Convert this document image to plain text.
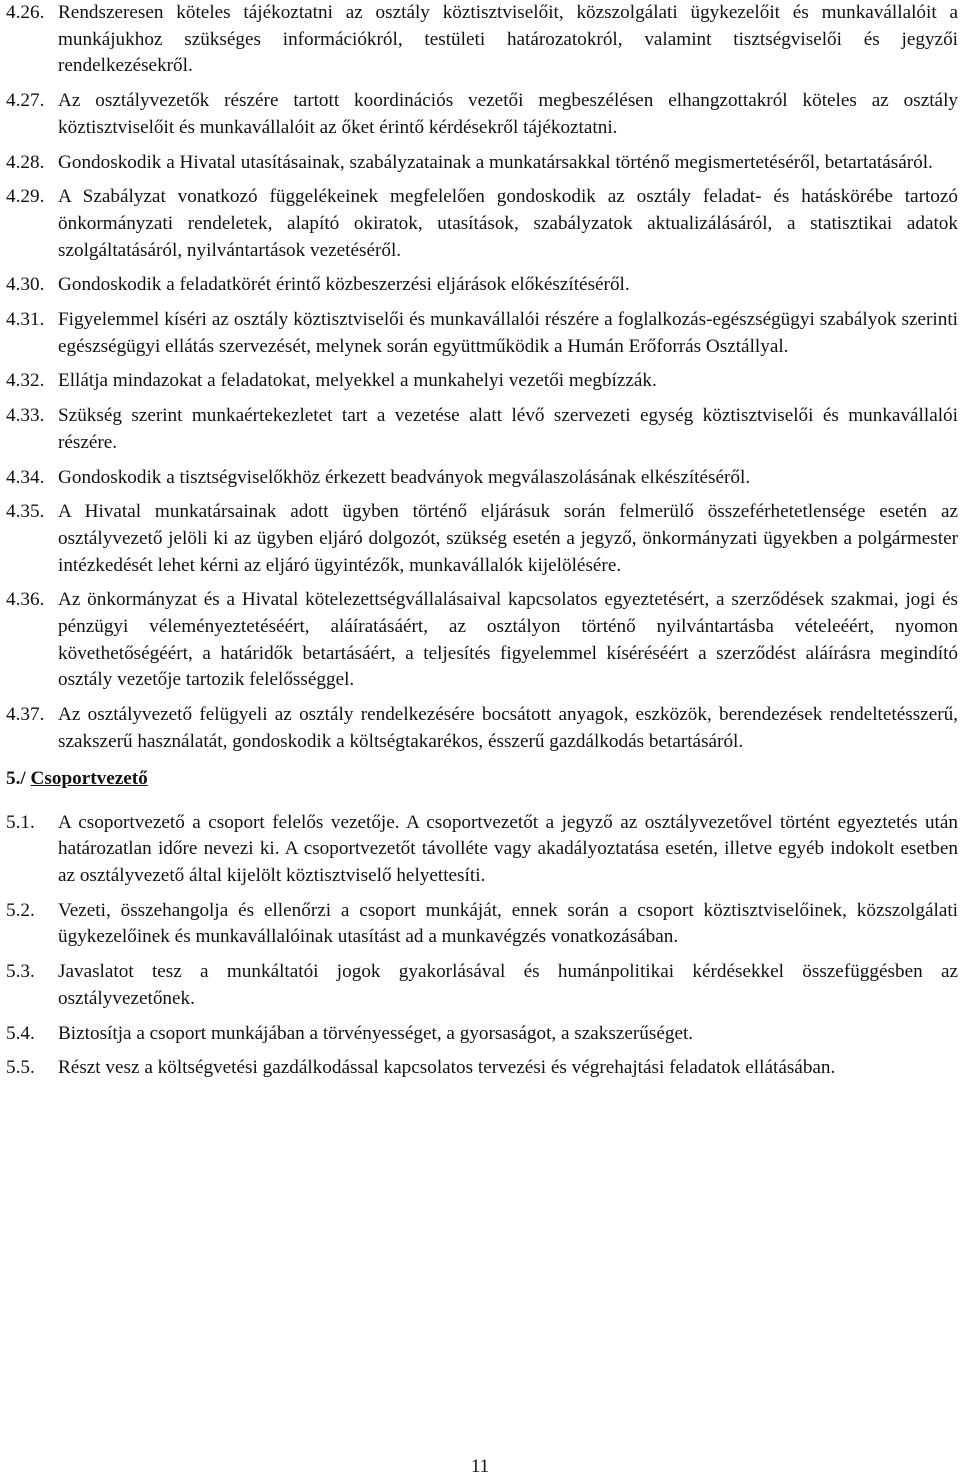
4.26. Rendszeresen köteles tájékoztatni az osztály köztisztviselőit, közszolgálati ügykezelőit és munkavállalóit a munkájukhoz szükséges információkról, testületi határozatokról, valamint tisztségviselői és jegyzői rendelkezésekről.
4.27. Az osztályvezetők részére tartott koordinációs vezetői megbeszélésen elhangzottakról köteles az osztály köztisztviselőit és munkavállalóit az őket érintő kérdésekről tájékoztatni.
4.28. Gondoskodik a Hivatal utasításainak, szabályzatainak a munkatársakkal történő megismertetéséről, betartatásáról.
4.29. A Szabályzat vonatkozó függelékeinek megfelelően gondoskodik az osztály feladat- és hatáskörébe tartozó önkormányzati rendeletek, alapító okiratok, utasítások, szabályzatok aktualizálásáról, a statisztikai adatok szolgáltatásáról, nyilvántartások vezetéséről.
4.30. Gondoskodik a feladatkörét érintő közbeszerzési eljárások előkészítéséről.
4.31. Figyelemmel kíséri az osztály köztisztviselői és munkavállalói részére a foglalkozás-egészségügyi szabályok szerinti egészségügyi ellátás szervezését, melynek során együttműködik a Humán Erőforrás Osztállyal.
4.32. Ellátja mindazokat a feladatokat, melyekkel a munkahelyi vezetői megbízzák.
4.33. Szükség szerint munkaértekezletet tart a vezetése alatt lévő szervezeti egység köztisztviselői és munkavállalói részére.
4.34. Gondoskodik a tisztségviselőkhöz érkezett beadványok megválaszolásának elkészítéséről.
4.35. A Hivatal munkatársainak adott ügyben történő eljárásuk során felmerülő összeférhetetlensége esetén az osztályvezető jelöli ki az ügyben eljáró dolgozót, szükség esetén a jegyző, önkormányzati ügyekben a polgármester intézkedését lehet kérni az eljáró ügyintézők, munkavállalók kijelölésére.
4.36. Az önkormányzat és a Hivatal kötelezettségvállalásaival kapcsolatos egyeztetésért, a szerződések szakmai, jogi és pénzügyi véleményeztetéséért, aláíratásáért, az osztályon történő nyilvántartásba vételeéért, nyomon követhetőségéért, a határidők betartásáért, a teljesítés figyelemmel kíséréséért a szerződést aláírásra megindító osztály vezetője tartozik felelősséggel.
4.37. Az osztályvezető felügyeli az osztály rendelkezésére bocsátott anyagok, eszközök, berendezések rendeltetésszerű, szakszerű használatát, gondoskodik a költségtakarékos, ésszerű gazdálkodás betartásáról.
5./ Csoportvezető
5.1.	A csoportvezető a csoport felelős vezetője. A csoportvezetőt a jegyző az osztályvezetővel történt egyeztetés után határozatlan időre nevezi ki. A csoportvezetőt távolléte vagy akadályoztatása esetén, illetve egyéb indokolt esetben az osztályvezető által kijelölt köztisztviselő helyettesíti.
5.2.	Vezeti, összehangolja és ellenőrzi a csoport munkáját, ennek során a csoport köztisztviselőinek, közszolgálati ügykezelőinek és munkavállalóinak utasítást ad a munkavégzés vonatkozásában.
5.3.	Javaslatot tesz a munkáltatói jogok gyakorlásával és humánpolitikai kérdésekkel összefüggésben az osztályvezetőnek.
5.4.	Biztosítja a csoport munkájában a törvényességet, a gyorsaságot, a szakszerűséget.
5.5.	Részt vesz a költségvetési gazdálkodással kapcsolatos tervezési és végrehajtási feladatok ellátásában.
11
